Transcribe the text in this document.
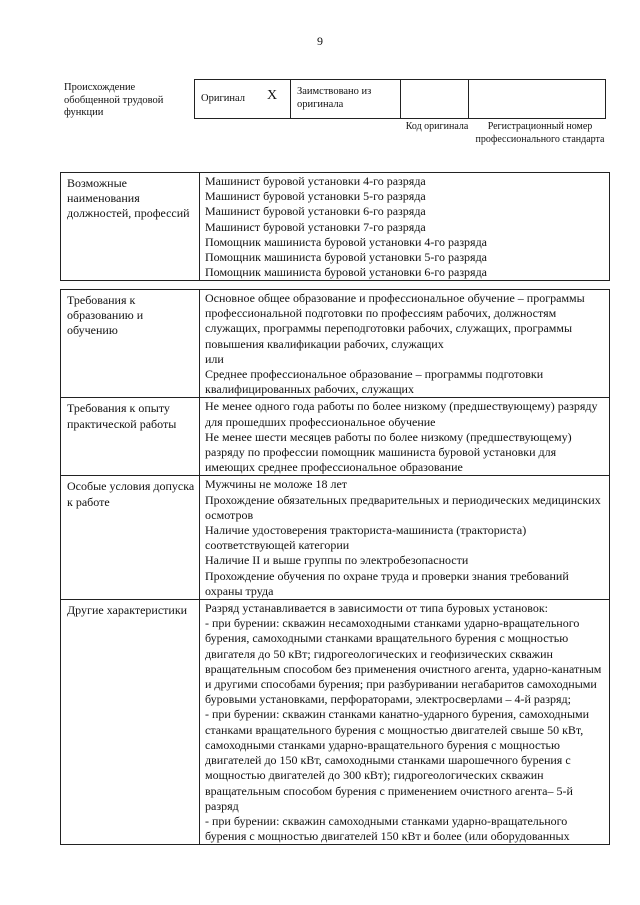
9
Происхождение обобщенной трудовой функции
Оригинал X	Заимствовано из оригинала
Код оригинала	Регистрационный номер профессионального стандарта
Возможные наименования должностей, профессий	
Машинист буровой установки 4-го разряда
Машинист буровой установки 5-го разряда
Машинист буровой установки 6-го разряда
Машинист буровой установки 7-го разряда
Помощник машиниста буровой установки 4-го разряда
Помощник машиниста буровой установки 5-го разряда
Помощник машиниста буровой установки 6-го разряда
Требования к образованию и обучению	Основное общее образование и профессиональное обучение – программы профессиональной подготовки по профессиям рабочих, должностям служащих, программы переподготовки рабочих, служащих, программы повышения квалификации рабочих, служащих
или
Среднее профессиональное образование – программы подготовки квалифицированных рабочих, служащих

Требования к опыту практической работы	Не менее одного года работы по более низкому (предшествующему) разряду для прошедших профессиональное обучение
Не менее шести месяцев работы по более низкому (предшествующему) разряду по профессии помощник машиниста буровой установки для имеющих среднее профессиональное образование

Особые условия допуска к работе	Мужчины не моложе 18 лет
Прохождение обязательных предварительных и периодических медицинских осмотров
Наличие удостоверения тракториста-машиниста (тракториста) соответствующей категории
Наличие II и выше группы по электробезопасности
Прохождение обучения по охране труда и проверки знания требований охраны труда

Другие характеристики	Разряд устанавливается в зависимости от типа буровых установок:
- при бурении: скважин несамоходными станками ударно-вращательного бурения, самоходными станками вращательного бурения с мощностью двигателя до 50 кВт; гидрогеологических и геофизических скважин вращательным способом без применения очистного агента, ударно-канатным и другими способами бурения; при разбуривании негабаритов самоходными буровыми установками, перфораторами, электросверлами – 4-й разряд;
- при бурении: скважин станками канатно-ударного бурения, самоходными станками вращательного бурения с мощностью двигателей свыше 50 кВт, самоходными станками ударно-вращательного бурения с мощностью двигателей до 150 кВт, самоходными станками шарошечного бурения с мощностью двигателей до 300 кВт); гидрогеологических скважин вращательным способом бурения с применением очистного агента– 5-й разряд
- при бурении: скважин самоходными станками ударно-вращательного бурения с мощностью двигателей 150 кВт и более (или оборудованных
